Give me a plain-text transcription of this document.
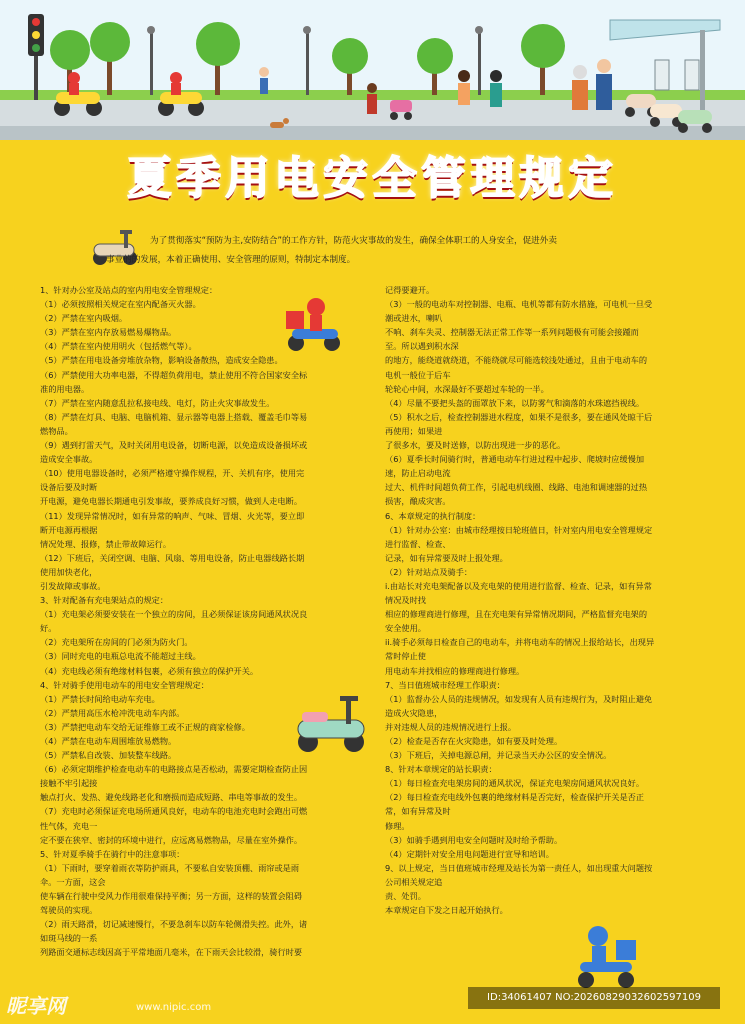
夏季用电安全管理规定
为了贯彻落实“预防为主,安防结合”的工作方针，防范火灾事故的发生，确保全体职工的人身安全，促进外卖
事业的的发展，本着正确使用、安全管理的原则，特制定本制度。
1、针对办公室及站点的室内用电安全管理规定：
（1）必须按照相关规定在室内配备灭火器。
（2）严禁在室内吸烟。
（3）严禁在室内存放易燃易爆物品。
（4）严禁在室内使用明火（包括燃气等）。
（5）严禁在用电设备旁堆放杂物，影响设备散热，造成安全隐患。
（6）严禁使用大功率电器，不得超负荷用电，禁止使用不符合国家安全标
准的用电器。
（7）严禁在室内随意乱拉私接电线、电灯，防止火灾事故发生。
（8）严禁在灯具、电脑、电脑机箱、显示器等电器上搭载、覆盖毛巾等易
燃物品。
（9）遇到打雷天气，及时关闭用电设备，切断电源，以免造成设备损坏或
造成安全事故。
（10）使用电器设备时，必须严格遵守操作规程，开、关机有序，使用完
设备后要及时断
开电源，避免电器长期通电引发事故，要养成良好习惯，做到人走电断。
（11）发现异常情况时，如有异常的响声、气味、冒烟、火光等，要立即
断开电源再根据
情况处理、报修，禁止带故障运行。
（12）下班后，关闭空调、电脑、风扇、等用电设备，防止电器线路长期
使用加快老化，
引发故障或事故。
3、针对配备有充电架站点的规定：
（1）充电架必须要安装在一个独立的房间，且必须保证该房间通风状况良
好。
（2）充电架所在房间的门必须为防火门。
（3）同时充电的电瓶总电流不能超过主线。
（4）充电线必须有绝缘材料包裹，必须有独立的保护开关。
4、针对骑手使用电动车的用电安全管理规定：
（1）严禁长时间给电动车充电。
（2）严禁用高压水枪冲洗电动车内部。
（3）严禁把电动车交给无证维修工或不正规的商家检修。
（4）严禁在电动车周围堆放易燃物。
（5）严禁私自改装、加装整车线路。
（6）必须定期维护检查电动车的电路接点是否松动，需要定期检查防止因
接触不牢引起接
触点打火、发热、避免线路老化和磨损而造成短路、串电等事故的发生。
（7）充电时必须保证充电场所通风良好，电动车的电池充电时会跑出可燃
性气体，充电一
定不要在狭窄、密封的环境中进行，应远离易燃物品，尽量在室外操作。
5、针对夏季骑手在骑行中的注意事项：
（1）下雨时，要穿着雨衣等防护雨具，不要私自安装顶棚、雨帘或是雨
伞。一方面，这会
使车辆在行驶中受风力作用很难保持平衡；另一方面，这样的装置会阻碍
驾驶员的实现。
（2）雨天路滑，切记减速慢行，不要急刹车以防车轮侧滑失控。此外，诸
如斑马线的一系
列路面交通标志线因高于平常地面几毫米，在下雨天会比较滑，骑行时要
记得要避开。
（3）一般的电动车对控制器、电瓶、电机等都有防水措施，可电机一旦受
潮或进水，喇叭
不响、刹车失灵、控制器无法正常工作等一系列问题极有可能会接踵而
至。所以遇到积水深
的地方，能绕道就绕道，不能绕就尽可能选较浅处通过，且由于电动车的
电机一般位于后车
轮轮心中间，水深最好不要超过车轮的一半。
（4）尽量不要把头盔的面罩放下来，以防雾气和滴落的水珠遮挡视线。
（5）积水之后，检查控制器进水程度，如果不是很多，要在通风处晾干后
再使用；如果进
了很多水，要及时送修，以防出现进一步的恶化。
（6）夏季长时间骑行时，普通电动车行进过程中起步、爬坡时应缓慢加
速，防止启动电流
过大、机件时间超负荷工作，引起电机线圈、线路、电池和调速器的过热
损害，酿成灾害。
6、本章规定的执行制度：
（1）针对办公室：由城市经理按日轮班值日，针对室内用电安全管理规定
进行监督、检查、
记录，如有异常要及时上报处理。
（2）针对站点及骑手：
i.由站长对充电架配备以及充电架的使用进行监督、检查、记录，如有异常
情况及时找
相应的修理商进行修理，且在充电架有异常情况期间，严格监督充电架的
安全使用。
ii.骑手必须每日检查自己的电动车，并将电动车的情况上报给站长，出现异
常时停止使
用电动车并找相应的修理商进行修理。
7、当日值班城市经理工作职责：
（1）监督办公人员的违规情况，如发现有人员有违规行为，及时阻止避免
造成火灾隐患，
并对违规人员的违规情况进行上报。
（2）检查是否存在火灾隐患，如有要及时处理。
（3）下班后，关掉电源总闸，并记录当天办公区的安全情况。
8、针对本章规定的站长职责：
（1）每日检查充电架房间的通风状况，保证充电架房间通风状况良好。
（2）每日检查充电线外包裹的绝缘材料是否完好，检查保护开关是否正
常，如有异常及时
修理。
（3）如骑手遇到用电安全问题时及时给予帮助。
（4）定期针对安全用电问题进行宣导和培训。
9、以上规定，当日值班城市经理及站长为第一责任人，如出现重大问题按
公司相关规定追
责、处罚。
本章规定自下发之日起开始执行。
昵享网	www.nipic.com
ID:34061407 NO:20260829032602597109
